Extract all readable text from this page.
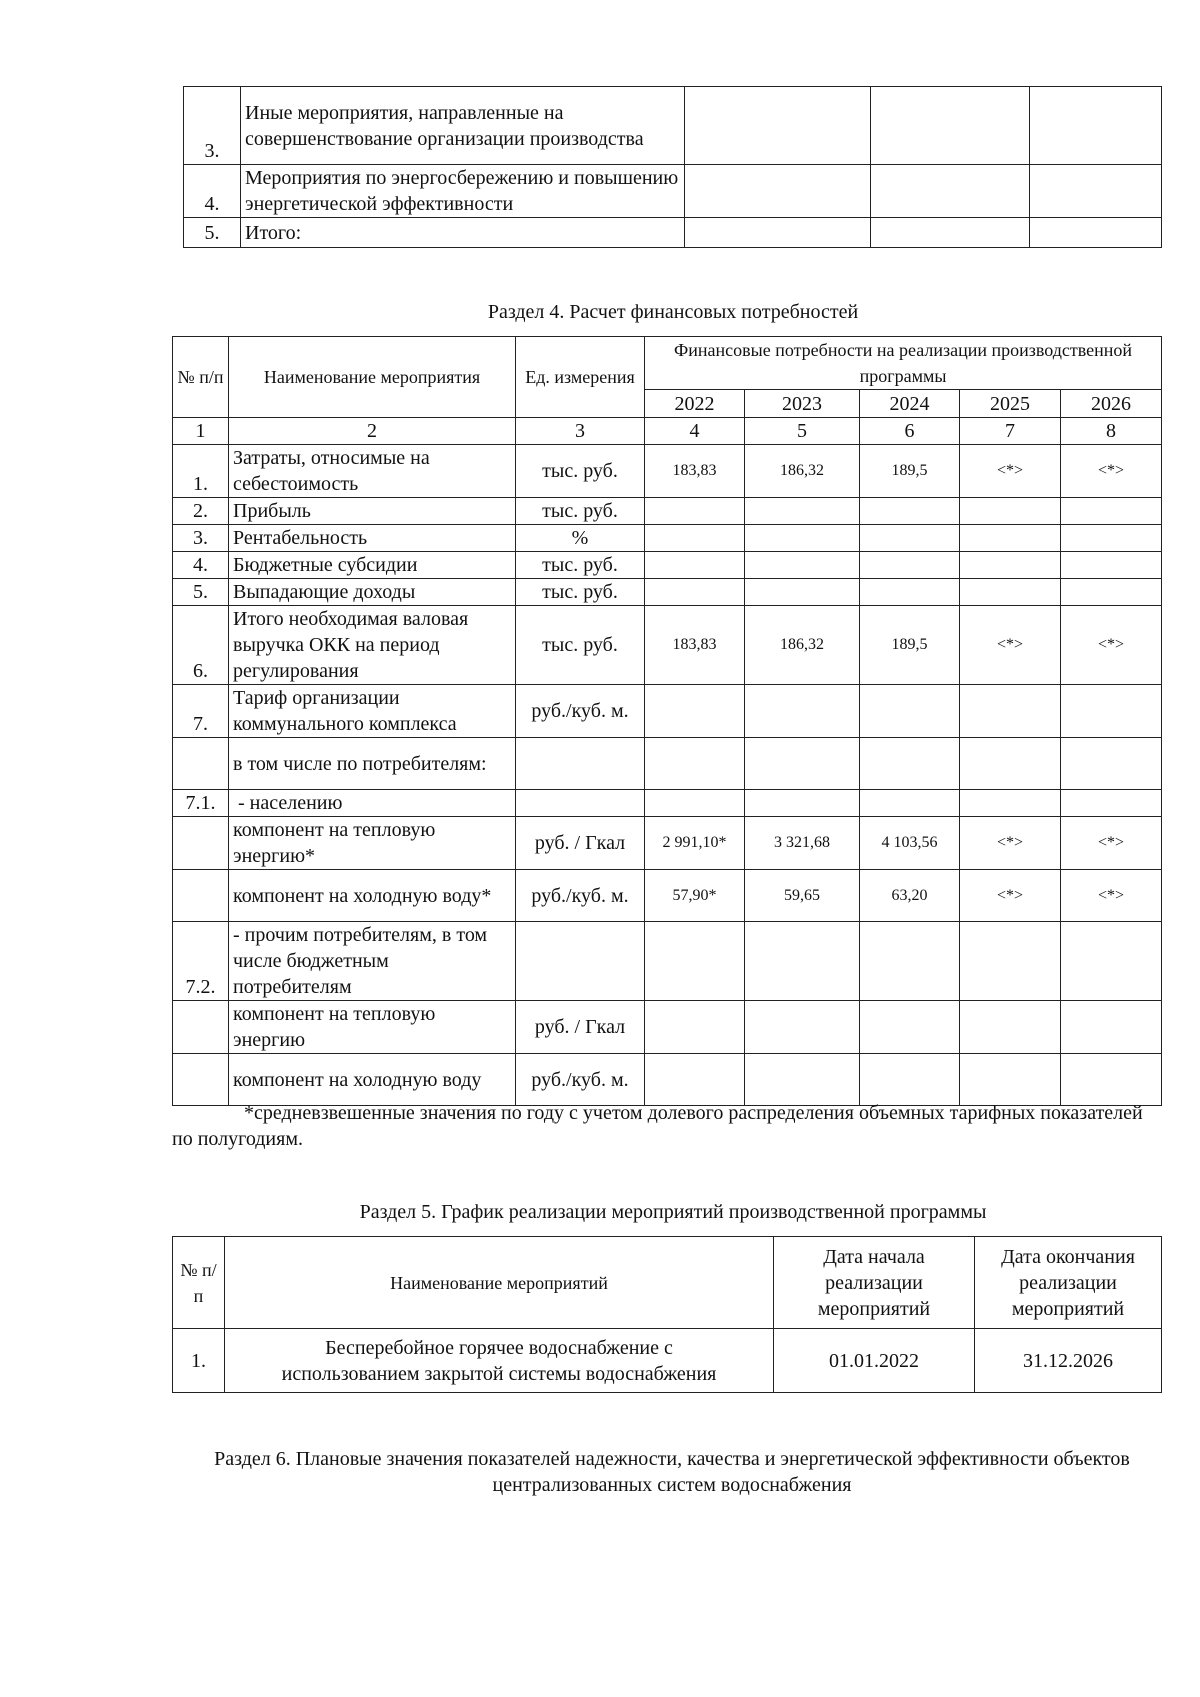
3.	Иные мероприятия, направленные на совершенствование организации производства			
4.	Мероприятия по энергосбережению и повышению энергетической эффективности			
5.	Итого:			
Раздел 4. Расчет финансовых потребностей
№ п/п	Наименование мероприятия	Ед. измерения	Финансовые потребности на реализации производственной программы				
			2022	2023	2024	2025	2026
1	2	3	4	5	6	7	8
1.	Затраты, относимые на себестоимость	тыс. руб.	183,83	186,32	189,5	<*>	<*>
2.	Прибыль	тыс. руб.					
3.	Рентабельность	%					
4.	Бюджетные субсидии	тыс. руб.					
5.	Выпадающие доходы	тыс. руб.					
6.	Итого необходимая валовая выручка ОКК на период регулирования	тыс. руб.	183,83	186,32	189,5	<*>	<*>
7.	Тариф организации коммунального комплекса	руб./куб. м.					
	в том числе по потребителям:						
7.1.	- населению						
	компонент на тепловую энергию*	руб. / Гкал	2 991,10*	3 321,68	4 103,56	<*>	<*>
	компонент на холодную воду*	руб./куб. м.	57,90*	59,65	63,20	<*>	<*>
7.2.	- прочим потребителям, в том числе бюджетным потребителям						
	компонент на тепловую энергию	руб. / Гкал					
	компонент на холодную воду	руб./куб. м.					
*средневзвешенные значения по году с учетом долевого распределения объемных тарифных показателей по полугодиям.
Раздел 5. График реализации мероприятий производственной программы
№ п/п	Наименование мероприятий	Дата начала реализации мероприятий	Дата окончания реализации мероприятий
1.	Бесперебойное горячее водоснабжение с использованием закрытой системы водоснабжения	01.01.2022	31.12.2026
Раздел 6. Плановые значения показателей надежности, качества и энергетической эффективности объектов централизованных систем водоснабжения
